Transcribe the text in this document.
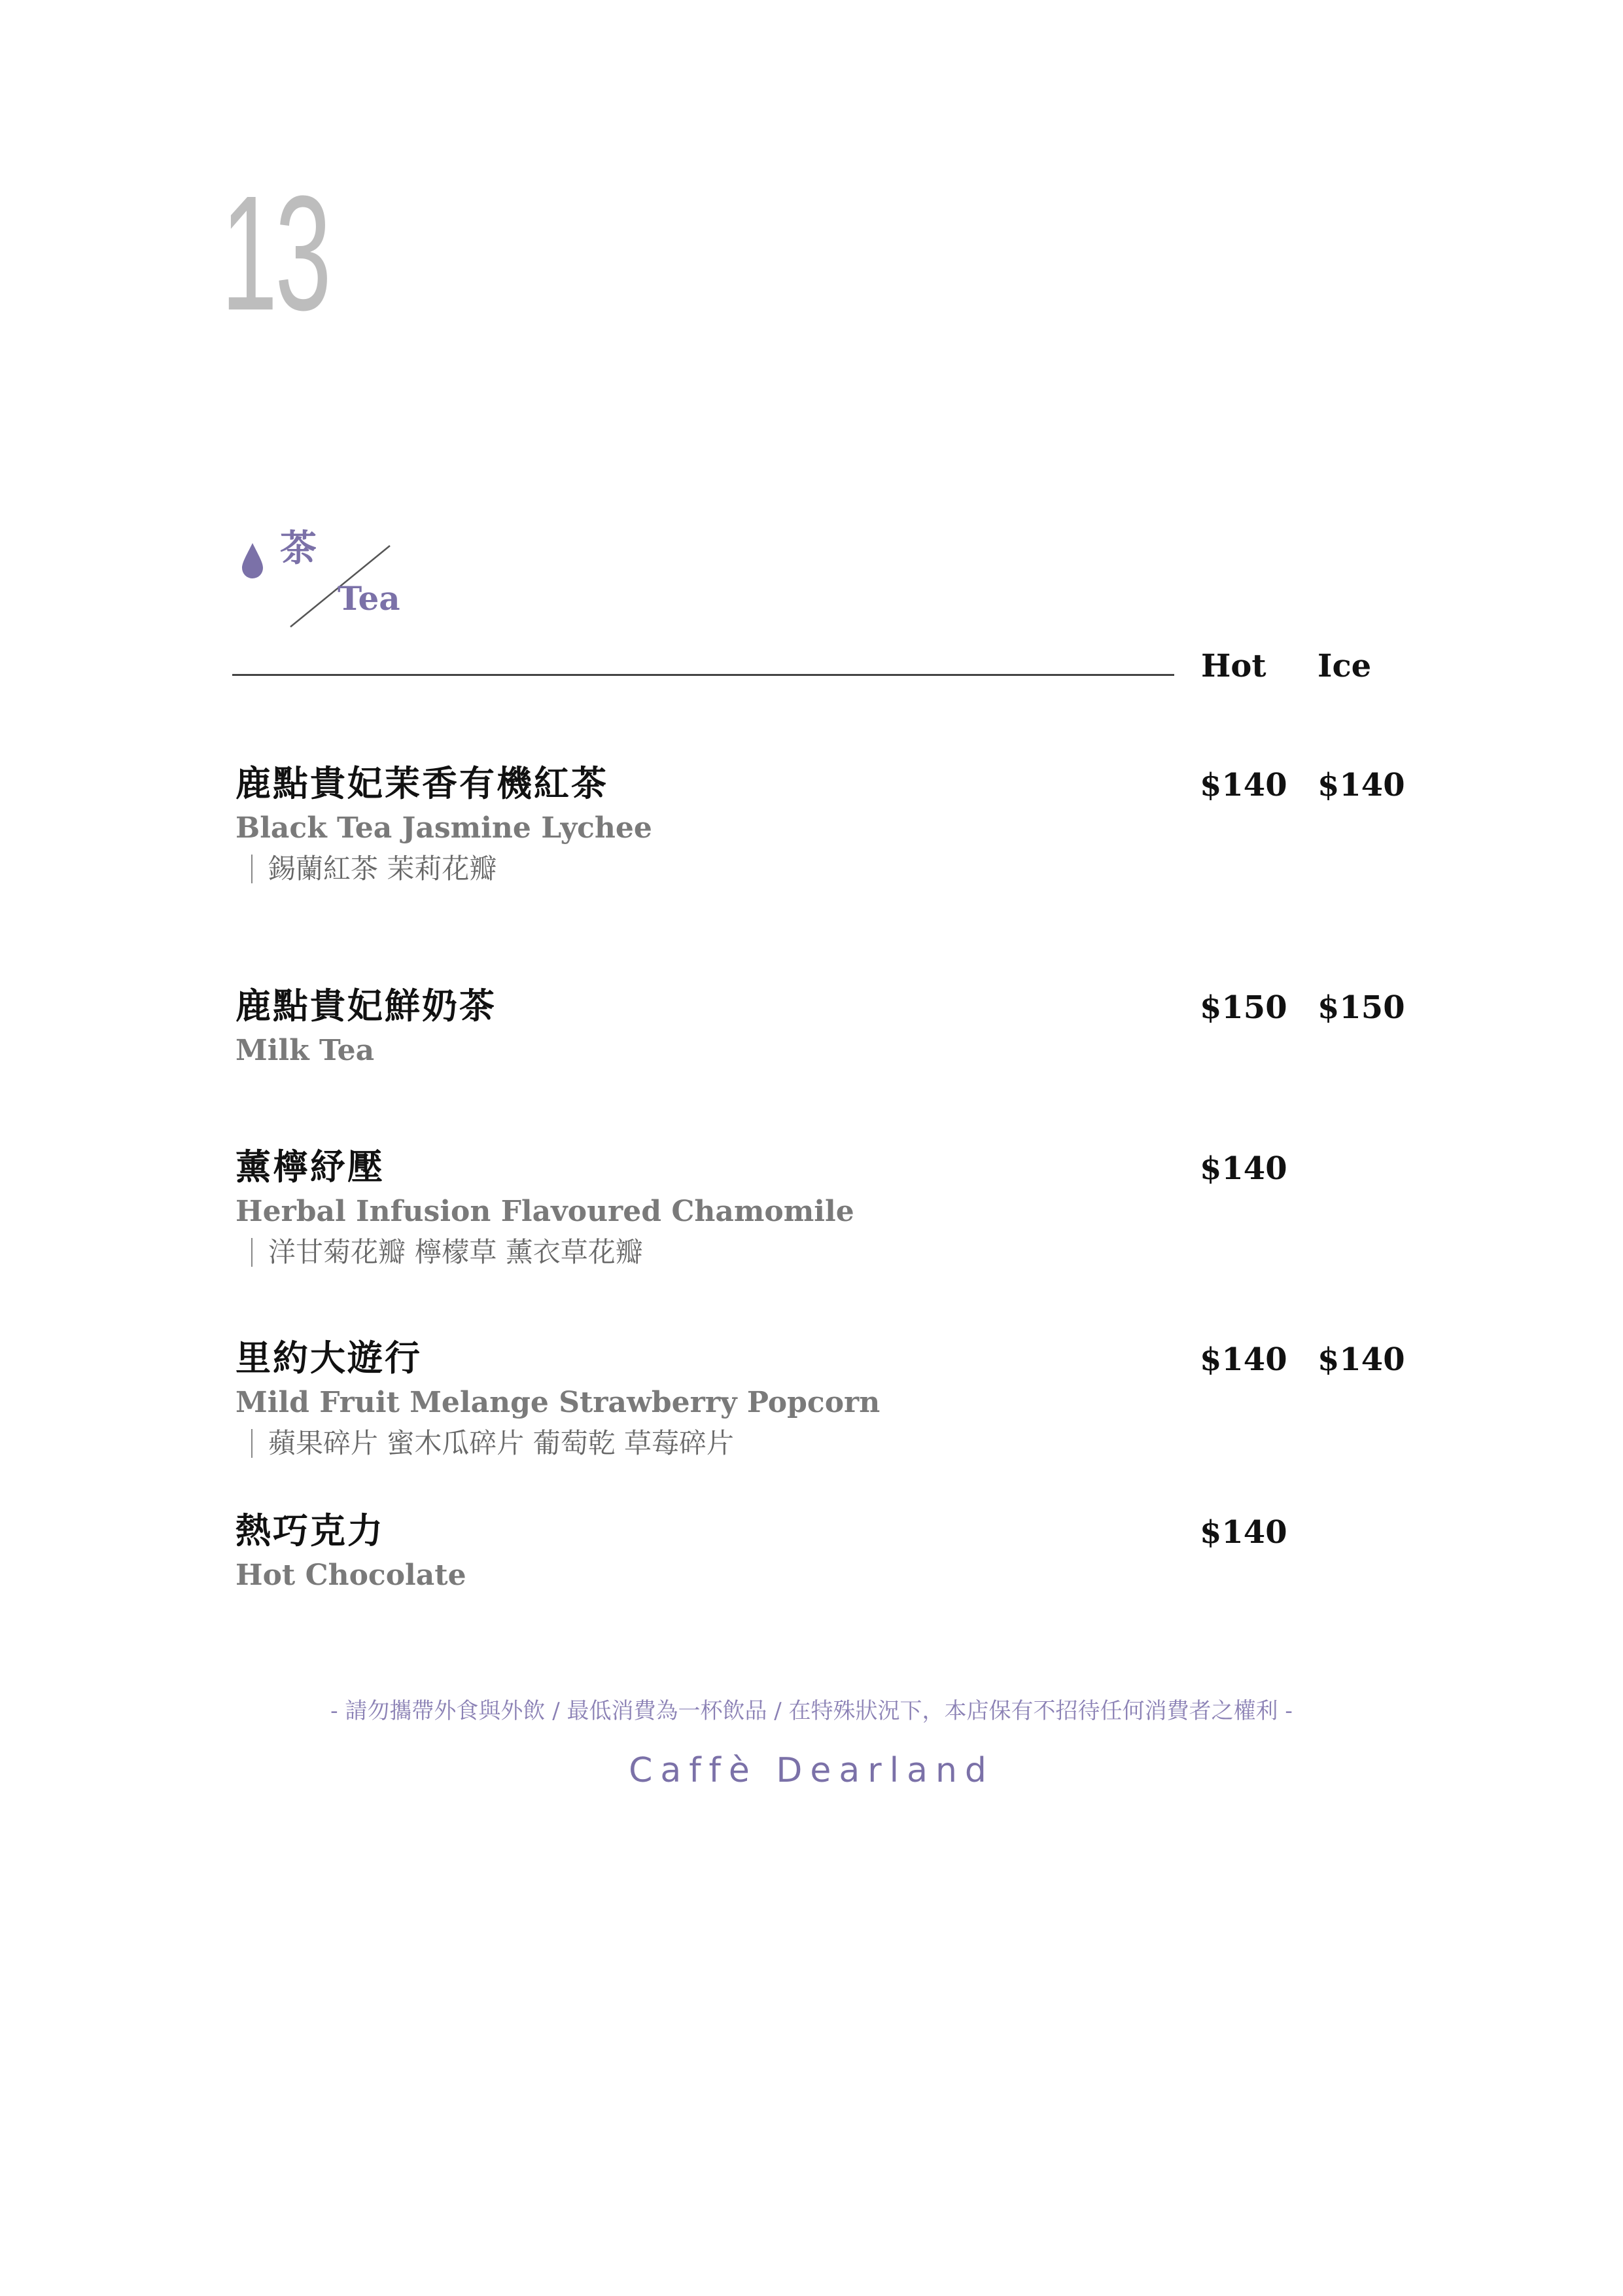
13
茶
Tea
Hot Ice
鹿點貴妃茉香有機紅茶
Black Tea Jasmine Lychee
錫蘭紅茶 茉莉花瓣
$140 $140
鹿點貴妃鮮奶茶
Milk Tea
$150 $150
薰檸紓壓
Herbal Infusion Flavoured Chamomile
洋甘菊花瓣 檸檬草 薰衣草花瓣
$140
里約大遊行
Mild Fruit Melange Strawberry Popcorn
蘋果碎片 蜜木瓜碎片 葡萄乾 草莓碎片
$140 $140
熱巧克力
Hot Chocolate
$140
- 請勿攜帶外食與外飲 / 最低消費為一杯飲品 / 在特殊狀況下，本店保有不招待任何消費者之權利 -
Caffè Dearland
